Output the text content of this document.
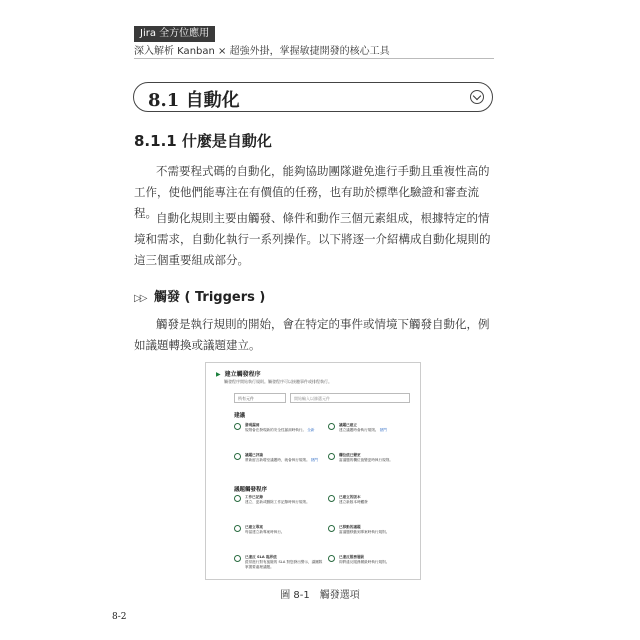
Jira 全方位應用
深入解析 Kanban × 超強外掛，掌握敏捷開發的核心工具
8.1 自動化
8.1.1 什麼是自動化
不需要程式碼的自動化，能夠協助團隊避免進行手動且重複性高的工作，使他們能專注在有價值的任務，也有助於標準化驗證和審查流程。 自動化規則主要由觸發、條件和動作三個元素組成，根據特定的情境和需求，自動化執行一系列操作。以下將逐一介紹構成自動化規則的這三個重要組成部分。
▷▷ 觸發 ( Triggers )
觸發是執行規則的開始，會在特定的事件或情境下觸發自動化，例如議題轉換或議題建立。
▶ 建立觸發程序
觸發程序開始執行規則。觸發程序可以接聽事件或排程執行。
所有元件	開始輸入以篩選元件
建議
發現漏洞
規則會在發現新的安全性漏洞時執行。 全新
議題已建立
建立議題時會執行規則。 熱門
議題已評論
將新留言新增至議題時，就會執行規則。 熱門
欄位值已變更
當議題的欄位值變更時執行規則。
議題觸發程序
工作已記錄
建立、更新或刪除工作記錄時執行規則。
已建立的版本
建立新版本時觸發
已建立專案
每當建立新專案時執行。
已移動的議題
當議題移動到專案時執行規則。
已違反 SLA 臨界值
經常進行對有風險的 SLA 對您發出警示，讓團隊掌握要處理議題。
已違反服務層級
即將違反服務層級時執行規則。
圖 8-1　觸發選項
8-2
